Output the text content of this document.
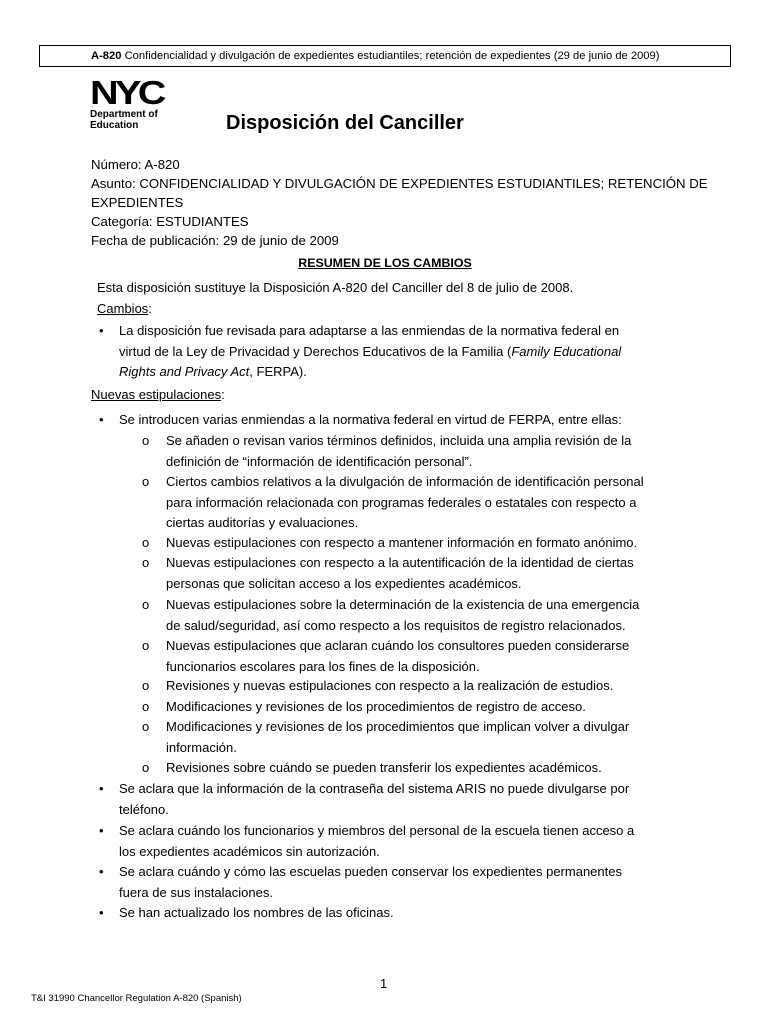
A-820 Confidencialidad y divulgación de expedientes estudiantiles; retención de expedientes (29 de junio de 2009)
NYC
Department of
Education	Disposición del Canciller
Número: A-820
Asunto: CONFIDENCIALIDAD Y DIVULGACIÓN DE EXPEDIENTES ESTUDIANTILES; RETENCIÓN DE
EXPEDIENTES
Categoría: ESTUDIANTES
Fecha de publicación: 29 de junio de 2009
RESUMEN DE LOS CAMBIOS
Esta disposición sustituye la Disposición A-820 del Canciller del 8 de julio de 2008.
Cambios:
• La disposición fue revisada para adaptarse a las enmiendas de la normativa federal en
virtud de la Ley de Privacidad y Derechos Educativos de la Familia (Family Educational
Rights and Privacy Act, FERPA).
Nuevas estipulaciones:
• Se introducen varias enmiendas a la normativa federal en virtud de FERPA, entre ellas:
o Se añaden o revisan varios términos definidos, incluida una amplia revisión de la
definición de “información de identificación personal”.
o Ciertos cambios relativos a la divulgación de información de identificación personal
para información relacionada con programas federales o estatales con respecto a
ciertas auditorías y evaluaciones.
o Nuevas estipulaciones con respecto a mantener información en formato anónimo.
o Nuevas estipulaciones con respecto a la autentificación de la identidad de ciertas
personas que solicitan acceso a los expedientes académicos.
o Nuevas estipulaciones sobre la determinación de la existencia de una emergencia
de salud/seguridad, así como respecto a los requisitos de registro relacionados.
o Nuevas estipulaciones que aclaran cuándo los consultores pueden considerarse
funcionarios escolares para los fines de la disposición.
o Revisiones y nuevas estipulaciones con respecto a la realización de estudios.
o Modificaciones y revisiones de los procedimientos de registro de acceso.
o Modificaciones y revisiones de los procedimientos que implican volver a divulgar
información.
o Revisiones sobre cuándo se pueden transferir los expedientes académicos.
• Se aclara que la información de la contraseña del sistema ARIS no puede divulgarse por
teléfono.
• Se aclara cuándo los funcionarios y miembros del personal de la escuela tienen acceso a
los expedientes académicos sin autorización.
• Se aclara cuándo y cómo las escuelas pueden conservar los expedientes permanentes
fuera de sus instalaciones.
• Se han actualizado los nombres de las oficinas.
1
T&I 31990 Chancellor Regulation A-820 (Spanish)
